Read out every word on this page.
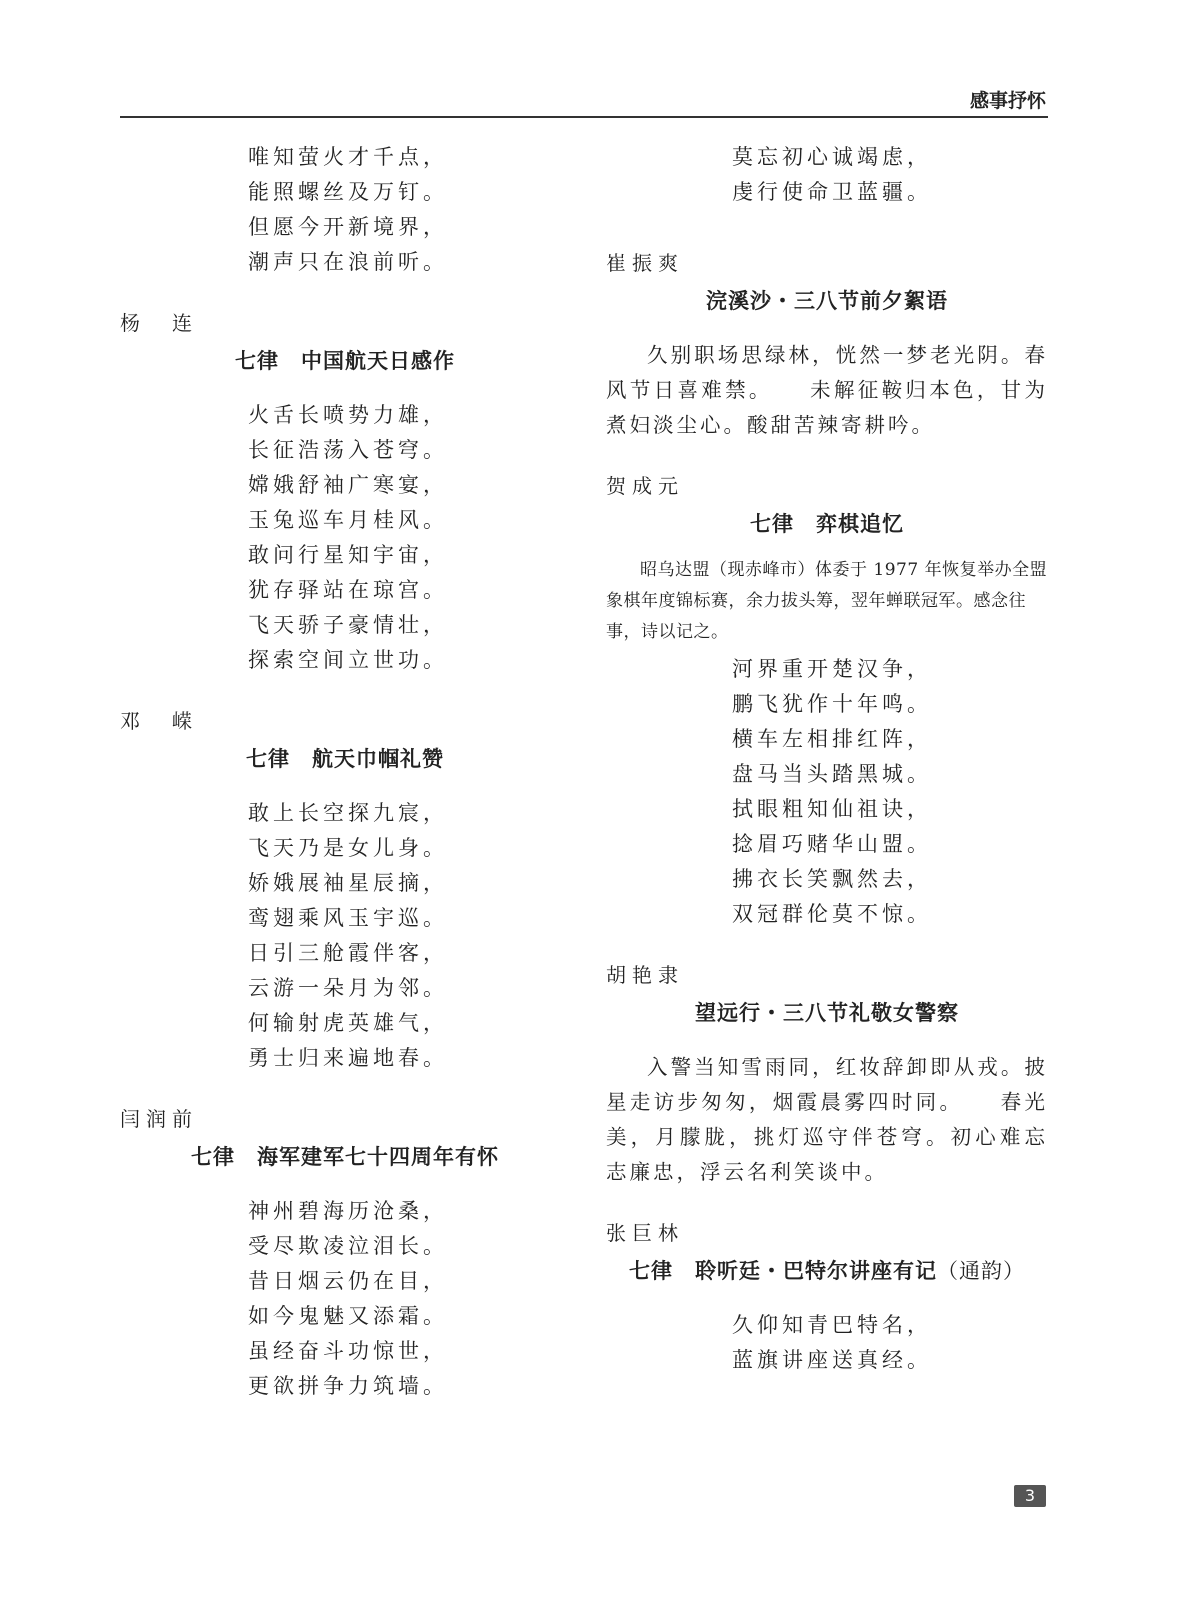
感事抒怀
唯知萤火才千点，
能照螺丝及万钉。
但愿今开新境界，
潮声只在浪前听。
杨　连
七律　中国航天日感作
火舌长喷势力雄，
长征浩荡入苍穹。
嫦娥舒袖广寒宴，
玉兔巡车月桂风。
敢问行星知宇宙，
犹存驿站在琼宫。
飞天骄子豪情壮，
探索空间立世功。
邓　嵘
七律　航天巾帼礼赞
敢上长空探九宸，
飞天乃是女儿身。
娇娥展袖星辰摘，
鸾翅乘风玉宇巡。
日引三舱霞伴客，
云游一朵月为邻。
何输射虎英雄气，
勇士归来遍地春。
闫润前
七律　海军建军七十四周年有怀
神州碧海历沧桑，
受尽欺凌泣泪长。
昔日烟云仍在目，
如今鬼魅又添霜。
虽经奋斗功惊世，
更欲拼争力筑墙。
莫忘初心诚竭虑，
虔行使命卫蓝疆。
崔振爽
浣溪沙・三八节前夕絮语
久别职场思绿林，恍然一梦老光阴。春风节日喜难禁。　　未解征鞍归本色，甘为煮妇淡尘心。酸甜苦辣寄耕吟。
贺成元
七律　弈棋追忆
昭乌达盟（现赤峰市）体委于 1977 年恢复举办全盟象棋年度锦标赛，余力拔头筹，翌年蝉联冠军。感念往事，诗以记之。
河界重开楚汉争，
鹏飞犹作十年鸣。
横车左相排红阵，
盘马当头踏黑城。
拭眼粗知仙祖诀，
捻眉巧赌华山盟。
拂衣长笑飘然去，
双冠群伦莫不惊。
胡艳隶
望远行・三八节礼敬女警察
入警当知雪雨同，红妆辞卸即从戎。披星走访步匆匆，烟霞晨雾四时同。　　春光美，月朦胧，挑灯巡守伴苍穹。初心难忘志廉忠，浮云名利笑谈中。
张巨林
七律　聆听廷・巴特尔讲座有记（通韵）
久仰知青巴特名，
蓝旗讲座送真经。
3
